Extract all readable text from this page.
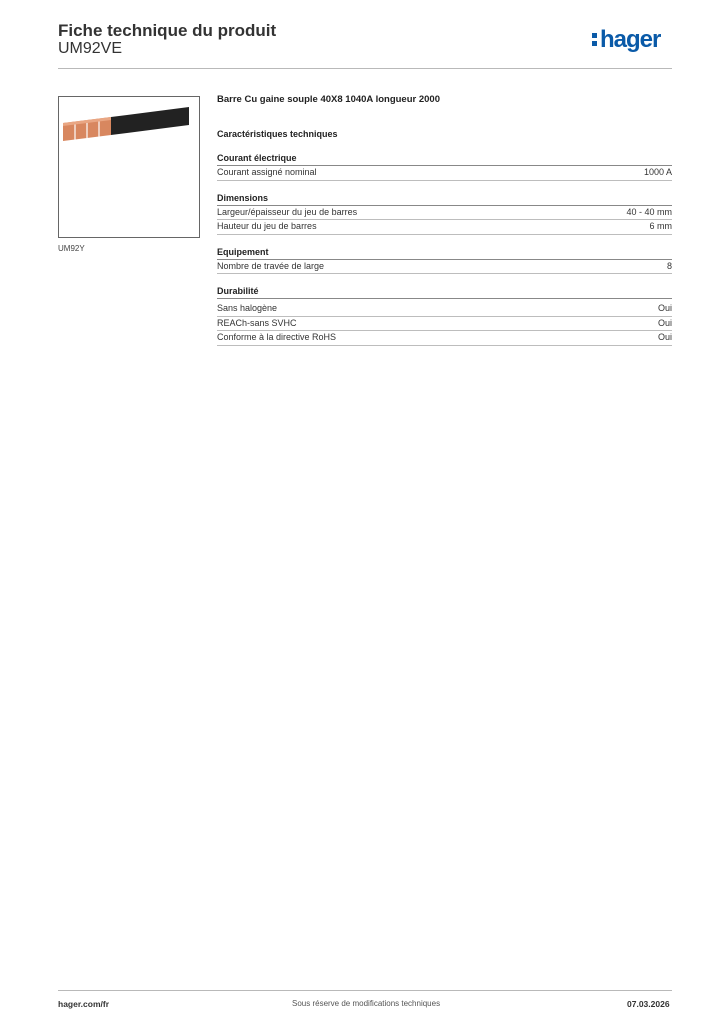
Fiche technique du produit
UM92VE	hager
UM92Y
Barre Cu gaine souple 40X8 1040A longueur 2000
Caractéristiques techniques
Courant électrique
Courant assigné nominal	1000 A
Dimensions
Largeur/épaisseur du jeu de barres	40 - 40 mm
Hauteur du jeu de barres	6 mm
Equipement
Nombre de travée de large	8
Durabilité
Sans halogène	Oui
REACh-sans SVHC	Oui
Conforme à la directive RoHS	Oui
hager.com/fr	Sous réserve de modifications techniques	07.03.2026
